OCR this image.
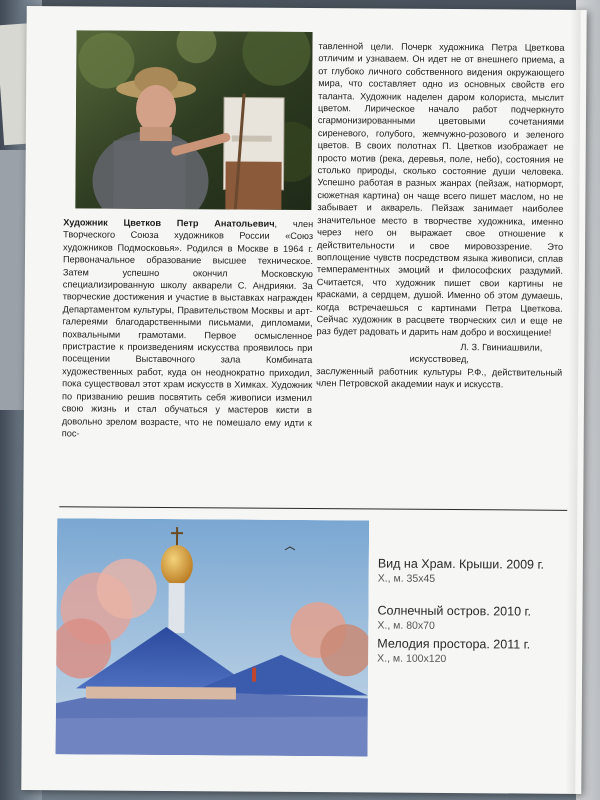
Художник Цветков Петр Анатольевич, член Творческого Союза художников России «Союз художников Подмосковья». Родился в Москве в 1964 г. Первоначальное образование высшее техническое. Затем успешно окончил Московскую специализированную школу акварели С. Андрияки. За творческие достижения и участие в выставках награжден Департаментом культуры, Правительством Москвы и арт-галереями благодарственными письмами, дипломами, похвальными грамотами. Первое осмысленное пристрастие к произведениям искусства проявилось при посещении Выставочного зала Комбината художественных работ, куда он неоднократно приходил, пока существовал этот храм искусств в Химках. Художник по призванию решив посвятить себя живописи изменил свою жизнь и стал обучаться у мастеров кисти в довольно зрелом возрасте, что не помешало ему идти к пос-

тавленной цели. Почерк художника Петра Цветкова отличим и узнаваем. Он идет не от внешнего приема, а от глубоко личного собственного видения окружающего мира, что составляет одно из основных свойств его таланта. Художник наделен даром колориста, мыслит цветом. Лирическое начало работ подчеркнуто сгармонизированными цветовыми сочетаниями сиреневого, голубого, жемчужно-розового и зеленого цветов. В своих полотнах П. Цветков изображает не просто мотив (река, деревья, поле, небо), состояния не столько природы, сколько состояние души человека. Успешно работая в разных жанрах (пейзаж, натюрморт, сюжетная картина) он чаще всего пишет маслом, но не забывает и акварель. Пейзаж занимает наиболее значительное место в творчестве художника, именно через него он выражает свое отношение к действительности и свое мировоззрение. Это воплощение чувств посредством языка живописи, сплав темпераментных эмоций и философских раздумий. Считается, что художник пишет свои картины не красками, а сердцем, душой. Именно об этом думаешь, когда встречаешься с картинами Петра Цветкова. Сейчас художник в расцвете творческих сил и еще не раз будет радовать и дарить нам добро и восхищение!

Л. З. Гвиниашвили,
искусствовед,
заслуженный работник культуры Р.Ф., действительный член Петровской академии наук и искусств.
Вид на Храм. Крыши. 2009 г.
Х., м. 35х45
Солнечный остров. 2010 г.
Х., м. 80х70
Мелодия простора. 2011 г.
Х., м. 100х120
